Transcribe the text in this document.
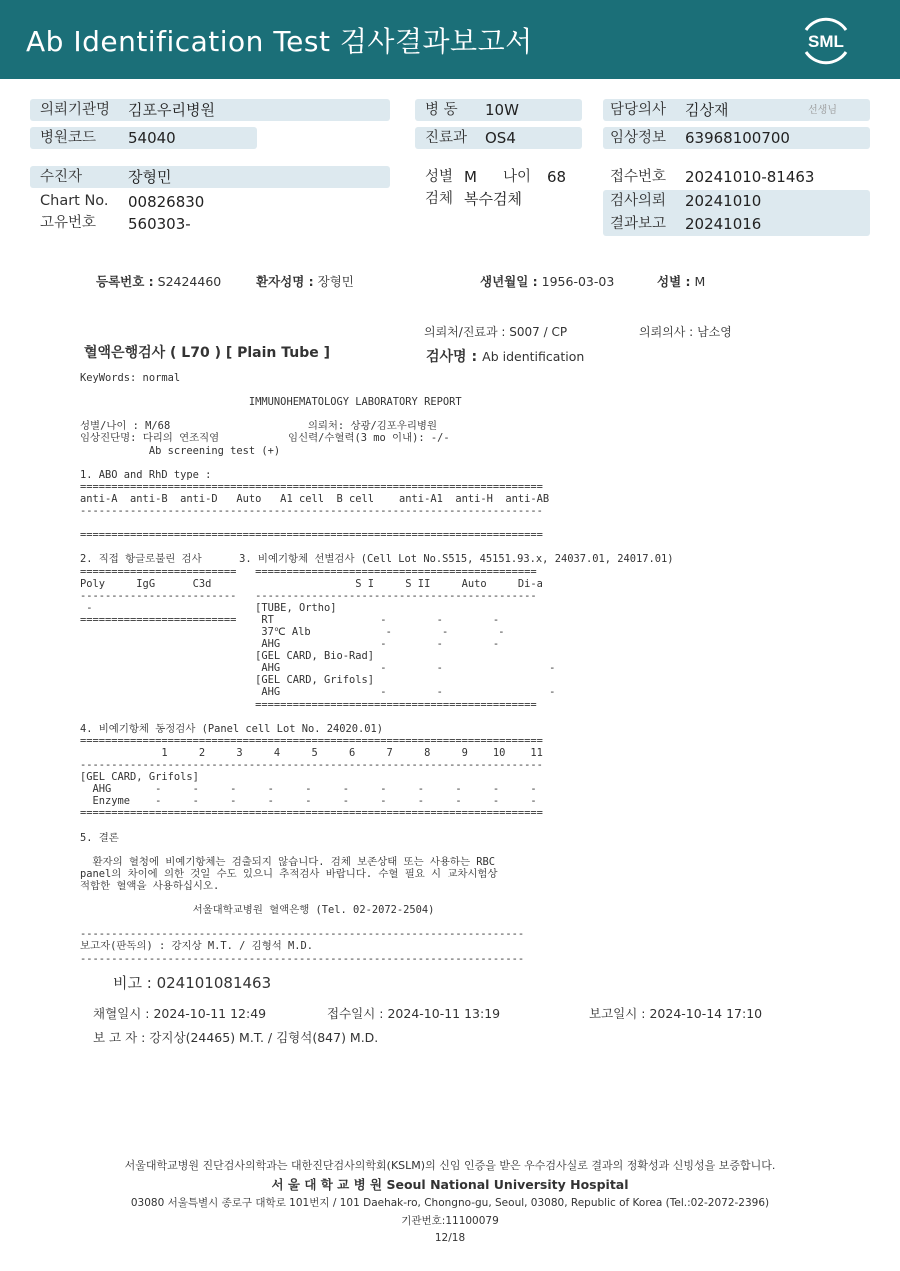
Ab Identification Test 검사결과보고서	SML
의뢰기관명 김포우리병원
병원코드 54040
병 동 10W
진료과 OS4
담당의사 김상재	선생님
임상정보 63968100700
수진자	장형민
Chart No. 00826830
고유번호 560303-
성별 M 나이 68
검체 복수검체
접수번호 20241010-81463
검사의뢰 20241010
결과보고 20241016
등록번호 : S2424460	환자성명 : 장형민	생년월일 : 1956-03-03	성별 : M
의뢰처/진료과 : S007 / CP	의뢰의사 : 남소영
혈액은행검사 ( L70 ) [ Plain Tube ]	검사명 : Ab identification
KeyWords: normal

IMMUNOHEMATOLOGY LABORATORY REPORT

성별/나이 : M/68                      의뢰처: 상광/김포우리병원
임상진단명: 다리의 연조직염           임신력/수혈력(3 mo 이내): -/-
Ab screening test (+)

1. ABO and RhD type :
==========================================================================
anti-A  anti-B  anti-D   Auto   A1 cell  B cell    anti-A1  anti-H  anti-AB
--------------------------------------------------------------------------

==========================================================================

2. 직접 항글로불린 검사      3. 비예기항체 선별검사 (Cell Lot No.S515, 45151.93.x, 24037.01, 24017.01)
=========================   =============================================
Poly     IgG      C3d                       S I     S II     Auto     Di-a
-------------------------   ---------------------------------------------
-                          [TUBE, Ortho]
=========================    RT                 -        -        -
37℃ Alb            -        -        -
AHG                -        -        -
[GEL CARD, Bio-Rad]
AHG                -        -                 -
[GEL CARD, Grifols]
AHG                -        -                 -
=============================================

4. 비예기항체 동정검사 (Panel cell Lot No. 24020.01)
==========================================================================
1     2     3     4     5     6     7     8     9    10    11
--------------------------------------------------------------------------
[GEL CARD, Grifols]
AHG       -     -     -     -     -     -     -     -     -     -     -
Enzyme    -     -     -     -     -     -     -     -     -     -     -
==========================================================================

5. 결론

환자의 혈청에 비예기항체는 검출되지 않습니다. 검체 보존상태 또는 사용하는 RBC
panel의 차이에 의한 것일 수도 있으니 추적검사 바랍니다. 수혈 필요 시 교차시험상
적합한 혈액을 사용하십시오.

서울대학교병원 혈액은행 (Tel. 02-2072-2504)

-----------------------------------------------------------------------
보고자(판독의) : 강지상 M.T. / 김형석 M.D.
-----------------------------------------------------------------------
비고 : 024101081463
채혈일시 : 2024-10-11 12:49	접수일시 : 2024-10-11 13:19	보고일시 : 2024-10-14 17:10
보 고 자 : 강지상(24465) M.T. / 김형석(847) M.D.
서울대학교병원 진단검사의학과는 대한진단검사의학회(KSLM)의 신임 인증을 받은 우수검사실로 결과의 정확성과 신빙성을 보증합니다.
서 울 대 학 교 병 원 Seoul National University Hospital
03080 서울특별시 종로구 대학로 101번지 / 101 Daehak-ro, Chongno-gu, Seoul, 03080, Republic of Korea (Tel.:02-2072-2396)
기관번호:11100079
12/18
